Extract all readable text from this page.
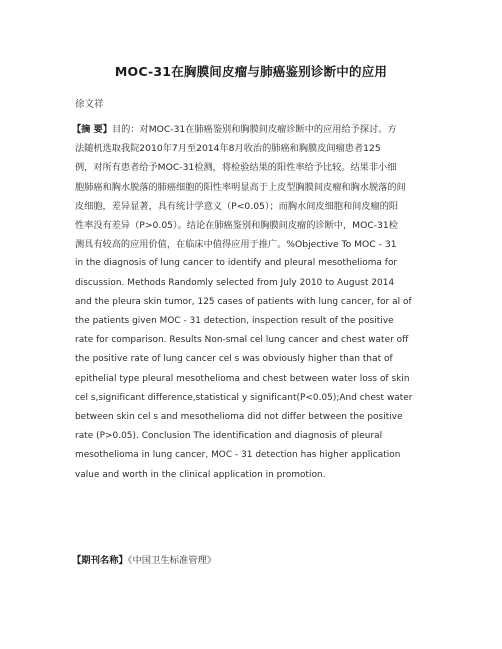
MOC-31在胸膜间皮瘤与肺癌鉴别诊断中的应用
徐文祥
【摘 要】目的：对MOC-31在肺癌鉴别和胸膜间皮瘤诊断中的应用给予探讨。方
法随机选取我院2010年7月至2014年8月收治的肺癌和胸膜皮间瘤患者125
例，对所有患者给予MOC-31检测，将检验结果的阳性率给予比较。结果非小细
胞肺癌和胸水脱落的肺癌细胞的阳性率明显高于上皮型胸膜间皮瘤和胸水脱落的间
皮细胞，差异显著，具有统计学意义（P<0.05）；而胸水间皮细胞和间皮瘤的阳
性率没有差异（P>0.05）。结论在肺癌鉴别和胸膜间皮瘤的诊断中，MOC-31检
测具有较高的应用价值，在临床中值得应用于推广。%Objective To MOC - 31
in the diagnosis of lung cancer to identify and pleural mesothelioma for
discussion. Methods Randomly selected from July 2010 to August 2014
and the pleura skin tumor, 125 cases of patients with lung cancer, for al of
the patients given MOC - 31 detection, inspection result of the positive
rate for comparison. Results Non-smal cel lung cancer and chest water off
the positive rate of lung cancer cel s was obviously higher than that of
epithelial type pleural mesothelioma and chest between water loss of skin
cel s,significant difference,statistical y significant(P<0.05);And chest water
between skin cel s and mesothelioma did not differ between the positive
rate (P>0.05). Conclusion The identification and diagnosis of pleural
mesothelioma in lung cancer, MOC - 31 detection has higher application
value and worth in the clinical application in promotion.
【期刊名称】《中国卫生标准管理》
